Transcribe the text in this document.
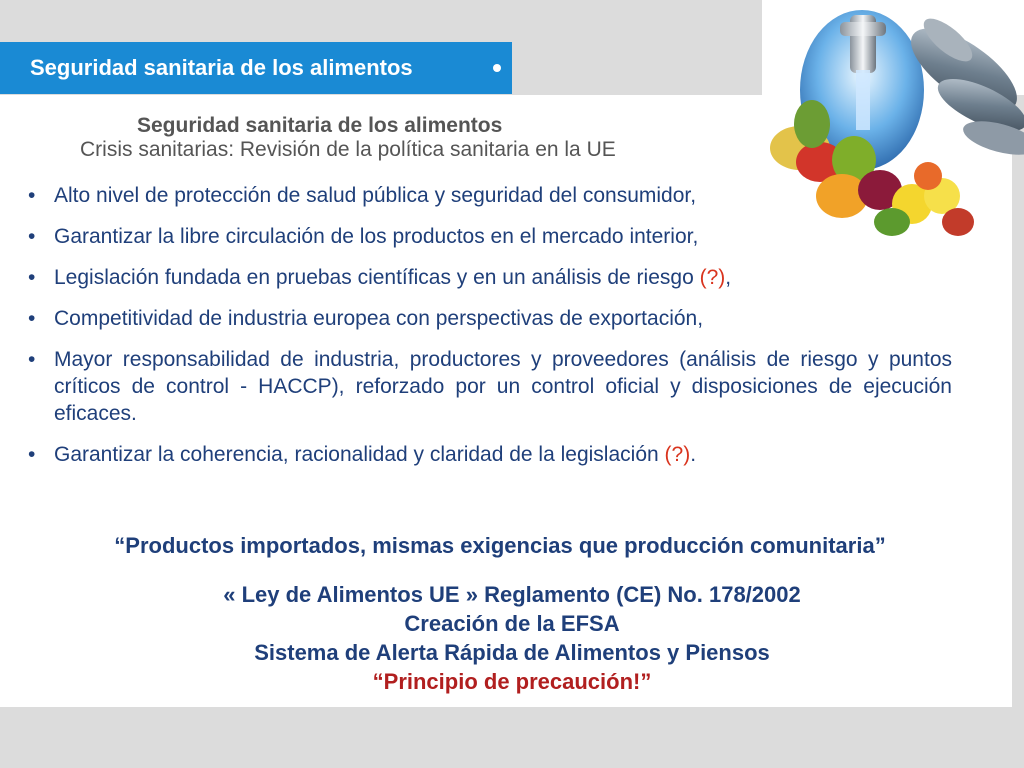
Seguridad sanitaria de los alimentos
Seguridad sanitaria de los alimentos
Crisis sanitarias: Revisión de la política sanitaria en la UE
• Alto nivel de protección de salud pública y seguridad del consumidor,
• Garantizar la libre circulación de los productos en el mercado interior,
• Legislación fundada en pruebas científicas y en un análisis de riesgo (?),
• Competitividad de industria europea con perspectivas de exportación,
• Mayor responsabilidad de industria, productores y proveedores (análisis de riesgo y puntos críticos de control - HACCP), reforzado por un control oficial y disposiciones de ejecución eficaces.
• Garantizar la coherencia, racionalidad y claridad de la legislación (?).
“Productos importados, mismas exigencias que producción comunitaria”
« Ley de Alimentos UE » Reglamento (CE) No. 178/2002
Creación de la EFSA
Sistema de Alerta Rápida de Alimentos y Piensos
“Principio de precaución!”
